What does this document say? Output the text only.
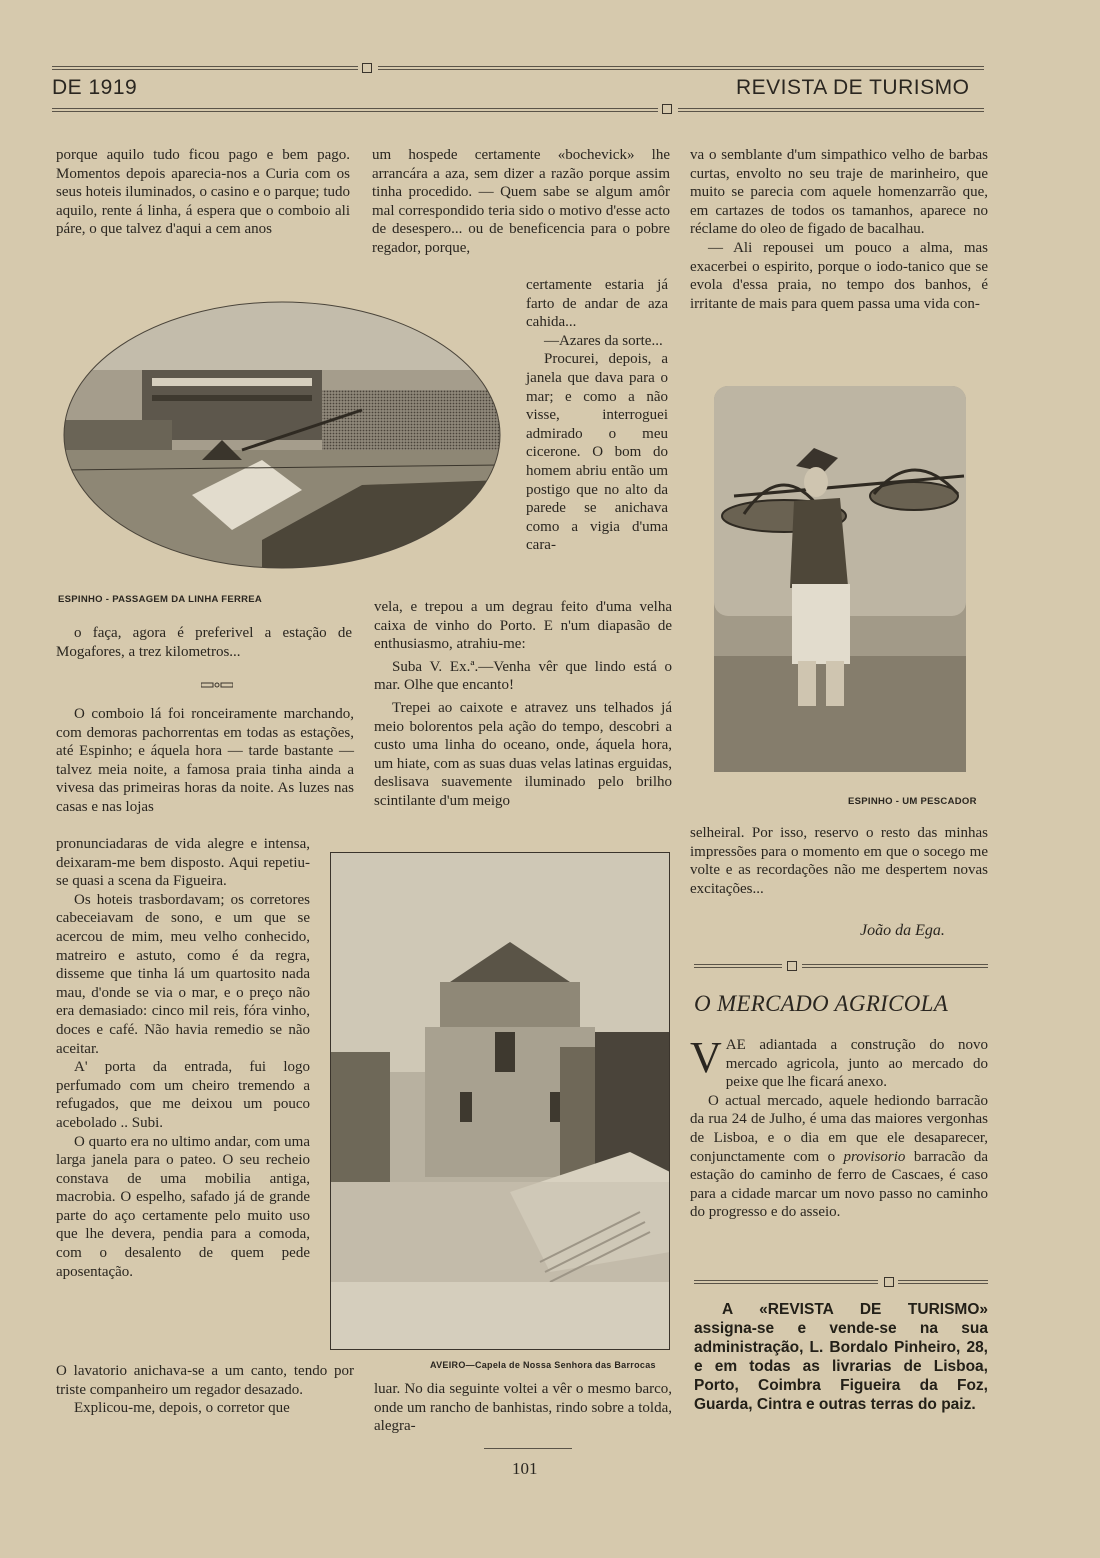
DE 1919	REVISTA DE TURISMO

porque aquilo tudo ficou pago e bem pago. Momentos depois aparecia-nos a Curia com os seus hoteis iluminados, o casino e o parque; tudo aquilo, rente á linha, á espera que o comboio ali páre, o que talvez d'aqui a cem anos

ESPINHO - PASSAGEM DA LINHA FERREA

o faça, agora é preferivel a estação de Mogafores, a trez kilometros...

O comboio lá foi ronceiramente marchando, com demoras pachorrentas em todas as estações, até Espinho; e áquela hora — tarde bastante — talvez meia noite, a famosa praia tinha ainda a vivesa das primeiras horas da noite. As luzes nas casas e nas lojas

pronunciadaras de vida alegre e intensa, deixaram-me bem disposto. Aqui repetiu-se quasi a scena da Figueira.

Os hoteis trasbordavam; os corretores cabeceiavam de sono, e um que se acercou de mim, meu velho conhecido, matreiro e astuto, como é da regra, disseme que tinha lá um quartosito nada mau, d'onde se via o mar, e o preço não era demasiado: cinco mil reis, fóra vinho, doces e café. Não havia remedio se não aceitar.

A' porta da entrada, fui logo perfumado com um cheiro tremendo a refugados, que me deixou um pouco acebolado .. Subi.

O quarto era no ultimo andar, com uma larga janela para o pateo. O seu recheio constava de uma mobilia antiga, macrobia. O espelho, safado já de grande parte do aço certamente pelo muito uso que lhe devera, pendia para a comoda, com o desalento de quem pede aposentação.

O lavatorio anichava-se a um canto, tendo por triste companheiro um regador desazado.

Explicou-me, depois, o corretor que

um hospede certamente «bochevick» lhe arrancára a aza, sem dizer a razão porque assim tinha procedido. — Quem sabe se algum amôr mal correspondido teria sido o motivo d'esse acto de desespero... ou de beneficencia para o pobre regador, porque,

certamente estaria já farto de andar de aza cahida...

—Azares da sorte...

Procurei, depois, a janela que dava para o mar; e como a não visse, interroguei admirado o meu cicerone. O bom do homem abriu então um postigo que no alto da parede se anichava como a vigia d'uma cara-

vela, e trepou a um degrau feito d'uma velha caixa de vinho do Porto. E n'um diapasão de enthusiasmo, atrahiu-me:

Suba V. Ex.ª.—Venha vêr que lindo está o mar. Olhe que encanto!

Trepei ao caixote e atravez uns telhados já meio bolorentos pela ação do tempo, descobri a custo uma linha do oceano, onde, áquela hora, um hiate, com as suas duas velas latinas erguidas, deslisava suavemente iluminado pelo brilho scintilante d'um meigo

AVEIRO—Capela de Nossa Senhora das Barrocas

luar. No dia seguinte voltei a vêr o mesmo barco, onde um rancho de banhistas, rindo sobre a tolda, alegra-

va o semblante d'um simpathico velho de barbas curtas, envolto no seu traje de marinheiro, que muito se parecia com aquele homenzarrão que, em cartazes de todos os tamanhos, aparece no réclame do oleo de figado de bacalhau.

— Ali repousei um pouco a alma, mas exacerbei o espirito, porque o iodo-tanico que se evola d'essa praia, no tempo dos banhos, é irritante de mais para quem passa uma vida con-

ESPINHO - UM PESCADOR

selheiral. Por isso, reservo o resto das minhas impressões para o momento em que o socego me volte e as recordações não me despertem novas excitações...

João da Ega.
O MERCADO AGRICOLA

VAE adiantada a construção do novo mercado agricola, junto ao mercado do peixe que lhe ficará anexo.

O actual mercado, aquele hediondo barracão da rua 24 de Julho, é uma das maiores vergonhas de Lisboa, e o dia em que ele desaparecer, conjunctamente com o provisorio barracão da estação do caminho de ferro de Cascaes, é caso para a cidade marcar um novo passo no caminho do progresso e do asseio.

A «REVISTA DE TURISMO» assigna-se e vende-se na sua administração, L. Bordalo Pinheiro, 28, e em todas as livrarias de Lisboa, Porto, Coimbra Figueira da Foz, Guarda, Cintra e outras terras do paiz.
101
